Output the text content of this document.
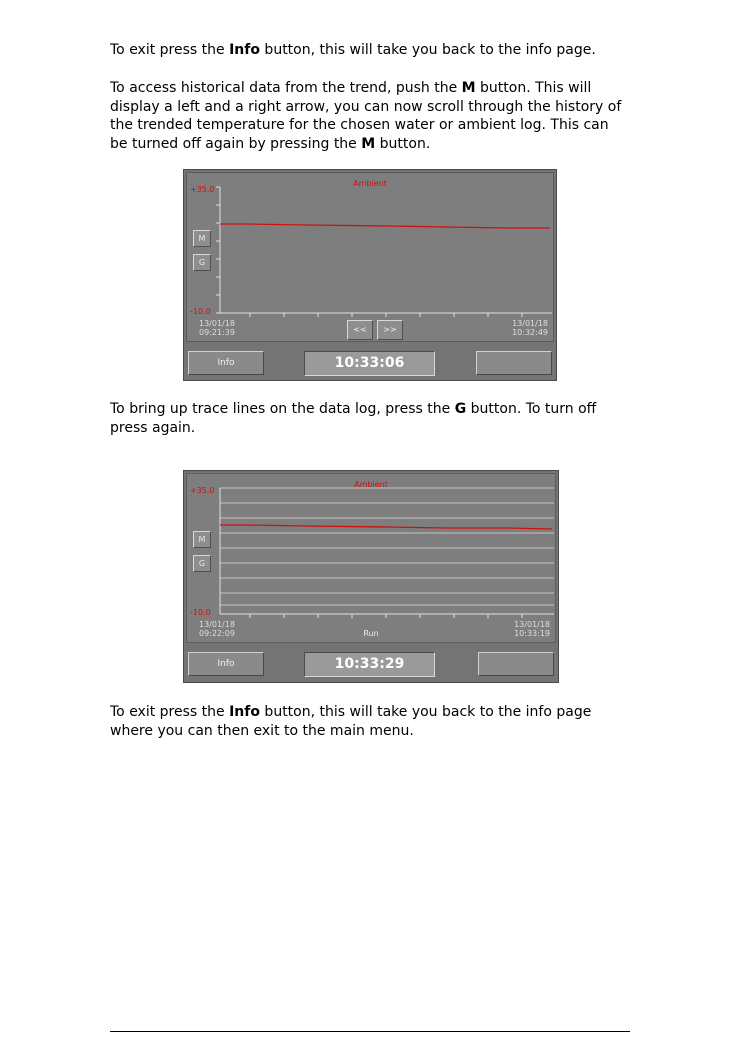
To exit press the Info button, this will take you back to the info page.

To access historical data from the trend, push the M button. This will display a left and a right arrow, you can now scroll through the history of the trended temperature for the chosen water or ambient log. This can be turned off again by pressing the M button.

Ambient
+35.0
-10.0
M
G
13/01/18
09:21:39
13/01/18
10:32:49
<<	>>
Info	10:33:06

To bring up trace lines on the data log, press the G button. To turn off press again.

Ambient
+35.0
-10.0
M
G
13/01/18
09:22:09
13/01/18
10:33:19
Run
Info	10:33:29

To exit press the Info button, this will take you back to the info page where you can then exit to the main menu.
